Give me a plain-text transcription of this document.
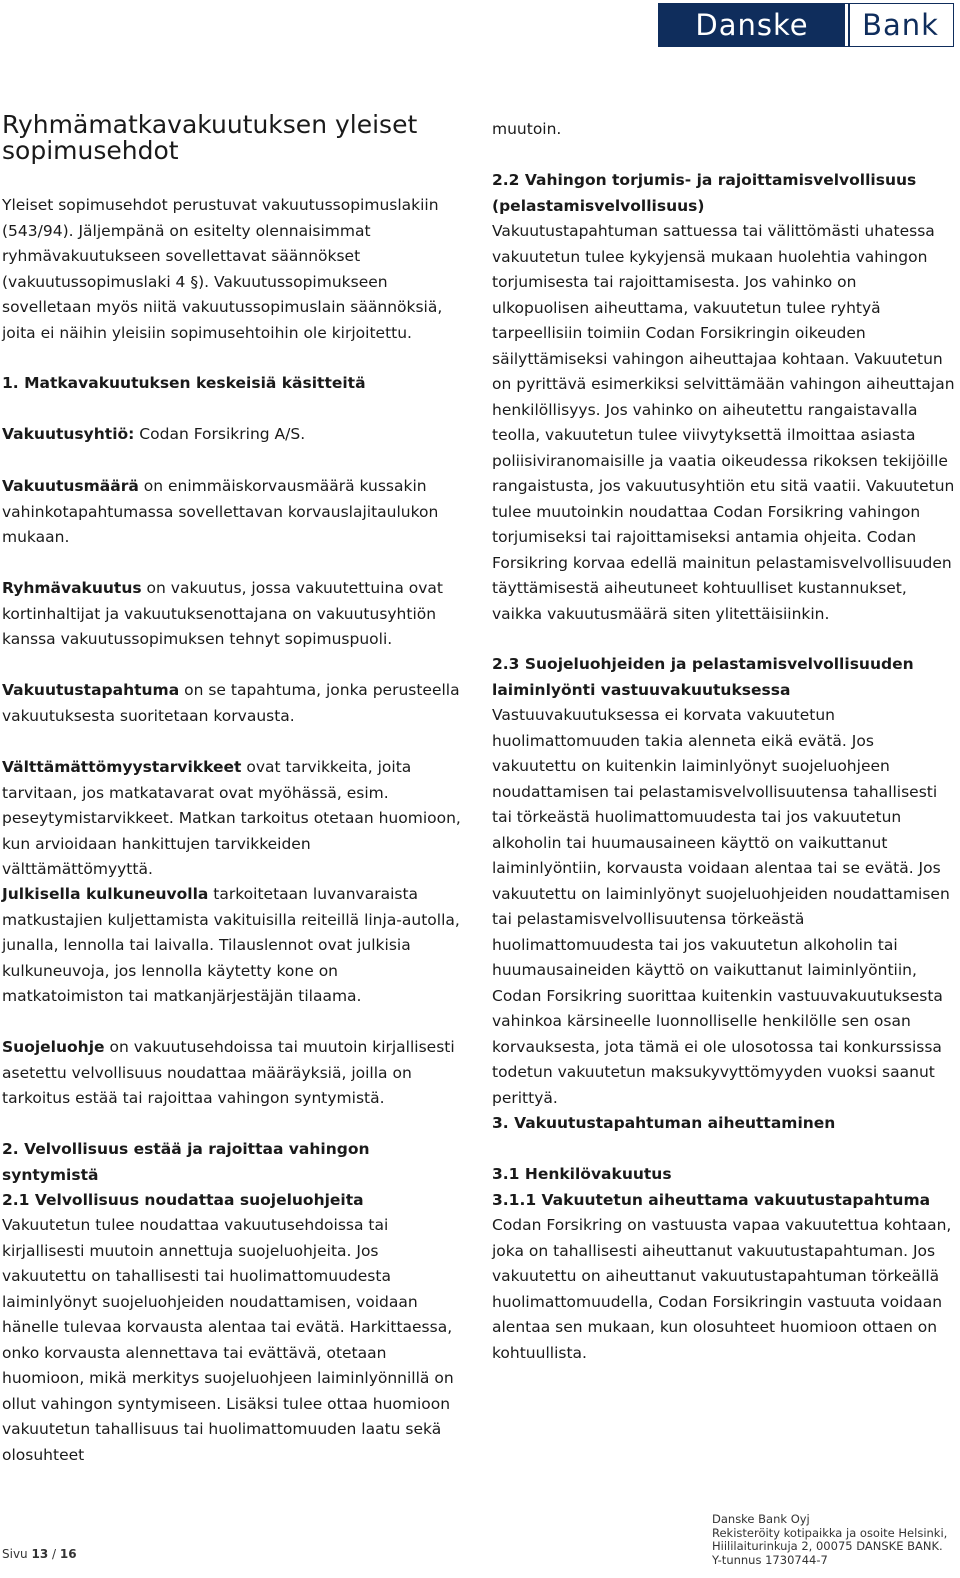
Danske	Bank
Ryhmämatkavakuutuksen yleiset sopimusehdot

Yleiset sopimusehdot perustuvat vakuutussopimuslakiin (543/94). Jäljempänä on esitelty olennaisimmat ryhmävakuutukseen sovellettavat säännökset (vakuutussopimuslaki 4 §). Vakuutussopimukseen sovelletaan myös niitä vakuutussopimuslain säännöksiä, joita ei näihin yleisiin sopimusehtoihin ole kirjoitettu.

1. Matkavakuutuksen keskeisiä käsitteitä

Vakuutusyhtiö: Codan Forsikring A/S.

Vakuutusmäärä on enimmäiskorvausmäärä kussakin vahinkotapahtumassa sovellettavan korvauslajitaulukon mukaan.

Ryhmävakuutus on vakuutus, jossa vakuutettuina ovat kortinhaltijat ja vakuutuksenottajana on vakuutusyhtiön kanssa vakuutussopimuksen tehnyt sopimuspuoli.

Vakuutustapahtuma on se tapahtuma, jonka perusteella vakuutuksesta suoritetaan korvausta.

Välttämättömyystarvikkeet ovat tarvikkeita, joita tarvitaan, jos matkatavarat ovat myöhässä, esim. peseytymistarvikkeet. Matkan tarkoitus otetaan huomioon, kun arvioidaan hankittujen tarvikkeiden välttämättömyyttä.

Julkisella kulkuneuvolla tarkoitetaan luvanvaraista matkustajien kuljettamista vakituisilla reiteillä linja-autolla, junalla, lennolla tai laivalla. Tilauslennot ovat julkisia kulkuneuvoja, jos lennolla käytetty kone on matkatoimiston tai matkanjärjestäjän tilaama.

Suojeluohje on vakuutusehdoissa tai muutoin kirjallisesti asetettu velvollisuus noudattaa määräyksiä, joilla on tarkoitus estää tai rajoittaa vahingon syntymistä.

2. Velvollisuus estää ja rajoittaa vahingon syntymistä

2.1 Velvollisuus noudattaa suojeluohjeita

Vakuutetun tulee noudattaa vakuutusehdoissa tai kirjallisesti muutoin annettuja suojeluohjeita. Jos vakuutettu on tahallisesti tai huolimattomuudesta laiminlyönyt suojeluohjeiden noudattamisen, voidaan hänelle tulevaa korvausta alentaa tai evätä. Harkittaessa, onko korvausta alennettava tai evättävä, otetaan huomioon, mikä merkitys suojeluohjeen laiminlyönnillä on ollut vahingon syntymiseen. Lisäksi tulee ottaa huomioon vakuutetun tahallisuus tai huolimattomuuden laatu sekä olosuhteet

muutoin.

2.2 Vahingon torjumis- ja rajoittamisvelvollisuus (pelastamisvelvollisuus)

Vakuutustapahtuman sattuessa tai välittömästi uhatessa vakuutetun tulee kykyjensä mukaan huolehtia vahingon torjumisesta tai rajoittamisesta. Jos vahinko on ulkopuolisen aiheuttama, vakuutetun tulee ryhtyä tarpeellisiin toimiin Codan Forsikringin oikeuden säilyttämiseksi vahingon aiheuttajaa kohtaan. Vakuutetun on pyrittävä esimerkiksi selvittämään vahingon aiheuttajan henkilöllisyys. Jos vahinko on aiheutettu rangaistavalla teolla, vakuutetun tulee viivytyksettä ilmoittaa asiasta poliisiviranomaisille ja vaatia oikeudessa rikoksen tekijöille rangaistusta, jos vakuutusyhtiön etu sitä vaatii. Vakuutetun tulee muutoinkin noudattaa Codan Forsikring vahingon torjumiseksi tai rajoittamiseksi antamia ohjeita. Codan Forsikring korvaa edellä mainitun pelastamisvelvollisuuden täyttämisestä aiheutuneet kohtuulliset kustannukset, vaikka vakuutusmäärä siten ylitettäisiinkin.

2.3 Suojeluohjeiden ja pelastamisvelvollisuuden laiminlyönti vastuuvakuutuksessa

Vastuuvakuutuksessa ei korvata vakuutetun huolimattomuuden takia alenneta eikä evätä. Jos vakuutettu on kuitenkin laiminlyönyt suojeluohjeen noudattamisen tai pelastamisvelvollisuutensa tahallisesti tai törkeästä huolimattomuudesta tai jos vakuutetun alkoholin tai huumausaineen käyttö on vaikuttanut laiminlyöntiin, korvausta voidaan alentaa tai se evätä. Jos vakuutettu on laiminlyönyt suojeluohjeiden noudattamisen tai pelastamisvelvollisuutensa törkeästä huolimattomuudesta tai jos vakuutetun alkoholin tai huumausaineiden käyttö on vaikuttanut laiminlyöntiin, Codan Forsikring suorittaa kuitenkin vastuuvakuutuksesta vahinkoa kärsineelle luonnolliselle henkilölle sen osan korvauksesta, jota tämä ei ole ulosotossa tai konkurssissa todetun vakuutetun maksukyvyttömyyden vuoksi saanut perittyä.

3. Vakuutustapahtuman aiheuttaminen

3.1 Henkilövakuutus

3.1.1 Vakuutetun aiheuttama vakuutustapahtuma

Codan Forsikring on vastuusta vapaa vakuutettua kohtaan, joka on tahallisesti aiheuttanut vakuutustapahtuman. Jos vakuutettu on aiheuttanut vakuutustapahtuman törkeällä huolimattomuudella, Codan Forsikringin vastuuta voidaan alentaa sen mukaan, kun olosuhteet huomioon ottaen on kohtuullista.

Sivu 13 / 16
Danske Bank Oyj
Rekisteröity kotipaikka ja osoite Helsinki,
Hiililaiturinkuja 2, 00075 DANSKE BANK.
Y-tunnus 1730744-7
